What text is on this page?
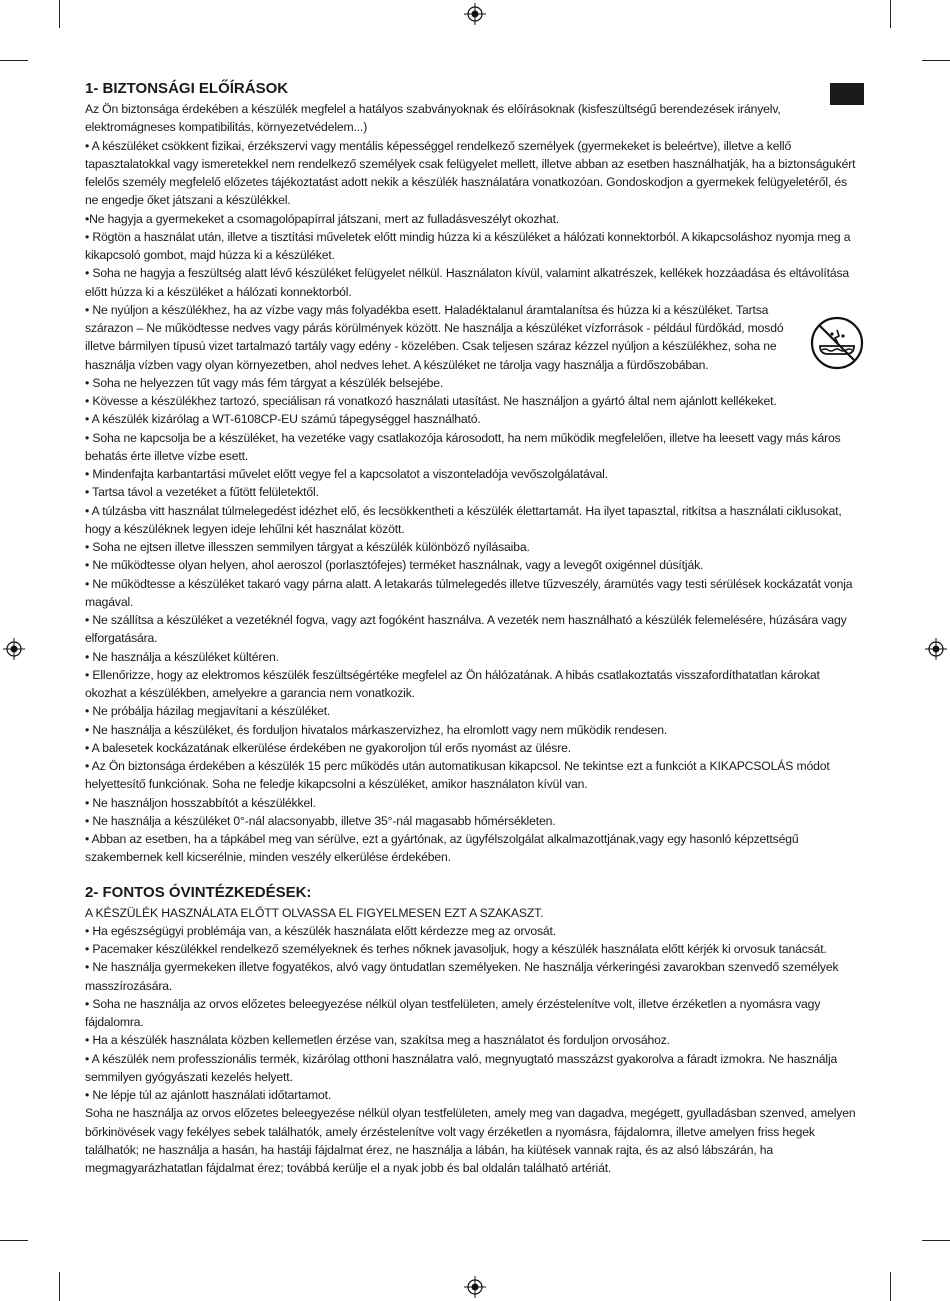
1- BIZTONSÁGI ELŐÍRÁSOK

Az Ön biztonsága érdekében a készülék megfelel a hatályos szabványoknak és előírásoknak (kisfeszültségű berendezések irányelv, elektromágneses kompatibilitás, környezetvédelem...)

• A készüléket csökkent fizikai, érzékszervi vagy mentális képességgel rendelkező személyek (gyermekeket is beleértve), illetve a kellő tapasztalatokkal vagy ismeretekkel nem rendelkező személyek csak felügyelet mellett, illetve abban az esetben használhatják, ha a biztonságukért felelős személy megfelelő előzetes tájékoztatást adott nekik a készülék használatára vonatkozóan. Gondoskodjon a gyermekek felügyeletéről, és ne engedje őket játszani a készülékkel.

•Ne hagyja a gyermekeket a csomagolópapírral játszani, mert az fulladásveszélyt okozhat.

• Rögtön a használat után, illetve a tisztítási műveletek előtt mindig húzza ki a készüléket a hálózati konnektorból. A kikapcsoláshoz nyomja meg a kikapcsoló gombot, majd húzza ki a készüléket.

• Soha ne hagyja a feszültség alatt lévő készüléket felügyelet nélkül. Használaton kívül, valamint alkatrészek, kellékek hozzáadása és eltávolítása előtt húzza ki a készüléket a hálózati konnektorból.

• Ne nyúljon a készülékhez, ha az vízbe vagy más folyadékba esett. Haladéktalanul áramtalanítsa és húzza ki a készüléket. Tartsa szárazon – Ne működtesse nedves vagy párás körülmények között. Ne használja a készüléket vízforrások - például fürdőkád, mosdó illetve bármilyen típusú vizet tartalmazó tartály vagy edény - közelében. Csak teljesen száraz kézzel nyúljon a készülékhez, soha ne használja vízben vagy olyan környezetben, ahol nedves lehet. A készüléket ne tárolja vagy használja a fürdőszobában.

• Soha ne helyezzen tűt vagy más fém tárgyat a készülék belsejébe.

• Kövesse a készülékhez tartozó, speciálisan rá vonatkozó használati utasítást. Ne használjon a gyártó által nem ajánlott kellékeket.

• A készülék kizárólag a WT-6108CP-EU számú tápegységgel használható.

• Soha ne kapcsolja be a készüléket, ha vezetéke vagy csatlakozója károsodott, ha nem működik megfelelően, illetve ha leesett vagy más káros behatás érte illetve vízbe esett.

• Mindenfajta karbantartási művelet előtt vegye fel a kapcsolatot a viszonteladója vevőszolgálatával.

• Tartsa távol a vezetéket a fűtött felületektől.

• A túlzásba vitt használat túlmelegedést idézhet elő, és lecsökkentheti a készülék élettartamát. Ha ilyet tapasztal, ritkítsa a használati ciklusokat, hogy a készüléknek legyen ideje lehűlni két használat között.

• Soha ne ejtsen illetve illesszen semmilyen tárgyat a készülék különböző nyílásaiba.

• Ne működtesse olyan helyen, ahol aeroszol (porlasztófejes) terméket használnak, vagy a levegőt oxigénnel dúsítják.

• Ne működtesse a készüléket takaró vagy párna alatt. A letakarás túlmelegedés illetve tűzveszély, áramütés vagy testi sérülések kockázatát vonja magával.

• Ne szállítsa a készüléket a vezetéknél fogva, vagy azt fogóként használva. A vezeték nem használható a készülék felemelésére, húzására vagy elforgatására.

• Ne használja a készüléket kültéren.

• Ellenőrizze, hogy az elektromos készülék feszültségértéke megfelel az Ön hálózatának. A hibás csatlakoztatás visszafordíthatatlan károkat okozhat a készülékben, amelyekre a garancia nem vonatkozik.

• Ne próbálja házilag megjavítani a készüléket.

• Ne használja a készüléket, és forduljon hivatalos márkaszervizhez, ha elromlott vagy nem működik rendesen.

• A balesetek kockázatának elkerülése érdekében ne gyakoroljon túl erős nyomást az ülésre.

• Az Ön biztonsága érdekében a készülék 15 perc működés után automatikusan kikapcsol. Ne tekintse ezt a funkciót a KIKAPCSOLÁS módot helyettesítő funkciónak. Soha ne feledje kikapcsolni a készüléket, amikor használaton kívül van.

• Ne használjon hosszabbítót a készülékkel.

• Ne használja a készüléket 0°-nál alacsonyabb, illetve 35°-nál magasabb hőmérsékleten.

• Abban az esetben, ha a tápkábel meg van sérülve, ezt a gyártónak, az ügyfélszolgálat alkalmazottjának,vagy egy hasonló képzettségű szakembernek kell kicserélnie, minden veszély elkerülése érdekében.

2- FONTOS ÓVINTÉZKEDÉSEK:

A KÉSZÜLÉK HASZNÁLATA ELŐTT OLVASSA EL FIGYELMESEN EZT A SZAKASZT.

• Ha egészségügyi problémája van, a készülék használata előtt kérdezze meg az orvosát.

• Pacemaker készülékkel rendelkező személyeknek és terhes nőknek javasoljuk, hogy a készülék használata előtt kérjék ki orvosuk tanácsát.

• Ne használja gyermekeken illetve fogyatékos, alvó vagy öntudatlan személyeken. Ne használja vérkeringési zavarokban szenvedő személyek masszírozására.

• Soha ne használja az orvos előzetes beleegyezése nélkül olyan testfelületen, amely érzéstelenítve volt, illetve érzéketlen a nyomásra vagy fájdalomra.

• Ha a készülék használata közben kellemetlen érzése van, szakítsa meg a használatot és forduljon orvosához.

• A készülék nem professzionális termék, kizárólag otthoni használatra való, megnyugtató masszázst gyakorolva a fáradt izmokra. Ne használja semmilyen gyógyászati kezelés helyett.

• Ne lépje túl az ajánlott használati időtartamot.

Soha ne használja az orvos előzetes beleegyezése nélkül olyan testfelületen, amely meg van dagadva, megégett, gyulladásban szenved, amelyen bőrkinövések vagy fekélyes sebek találhatók, amely érzéstelenítve volt vagy érzéketlen a nyomásra, fájdalomra, illetve amelyen friss hegek találhatók; ne használja a hasán, ha hastáji fájdalmat érez, ne használja a lábán, ha kiütések vannak rajta, és az alsó lábszárán, ha megmagyarázhatatlan fájdalmat érez; továbbá kerülje el a nyak jobb és bal oldalán található artériát.
